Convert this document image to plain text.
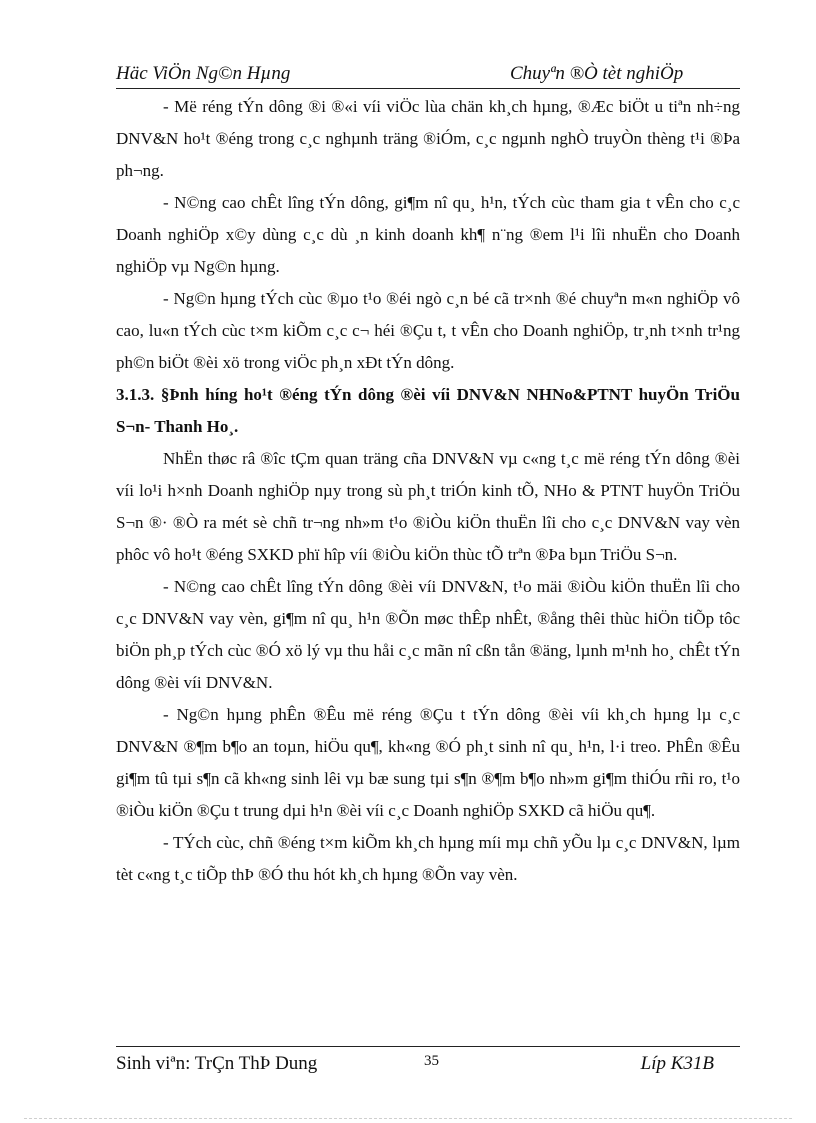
Häc ViÖn Ng©n Hµng	Chuyªn ®Ò tèt nghiÖp

- Më réng tÝn dông ®i ®«i víi viÖc lùa chän kh¸ch hµng, ®Æc biÖt u tiªn nh÷ng DNV&N ho¹t ®éng trong c¸c nghµnh träng ®iÓm, c¸c ngµnh nghÒ truyÒn thèng t¹i ®Þa ph¬ng.

- N©ng cao chÊt lîng tÝn dông, gi¶m nî qu¸ h¹n, tÝch cùc tham gia t vÊn cho c¸c Doanh nghiÖp x©y dùng c¸c dù ¸n kinh doanh kh¶ n¨ng ®em l¹i lîi nhuËn cho Doanh nghiÖp vµ Ng©n hµng.

- Ng©n hµng tÝch cùc ®µo t¹o ®éi ngò c¸n bé cã tr×nh ®é chuyªn m«n nghiÖp vô cao, lu«n tÝch cùc t×m kiÕm c¸c c¬ héi ®Çu t, t vÊn cho Doanh nghiÖp, tr¸nh t×nh tr¹ng ph©n biÖt ®èi xö trong viÖc ph¸n xÐt tÝn dông.

3.1.3. §Þnh híng ho¹t ®éng tÝn dông ®èi víi DNV&N NHNo&PTNT huyÖn TriÖu S¬n- Thanh Ho¸.

NhËn thøc râ ®îc tÇm quan träng cña DNV&N vµ c«ng t¸c më réng tÝn dông ®èi víi lo¹i h×nh Doanh nghiÖp nµy trong sù ph¸t triÓn kinh tÕ, NHo & PTNT huyÖn TriÖu S¬n ®· ®Ò ra mét sè chñ tr¬ng nh»m t¹o ®iÒu kiÖn thuËn lîi cho c¸c DNV&N vay vèn phôc vô ho¹t ®éng SXKD phï hîp víi ®iÒu kiÖn thùc tÕ trªn ®Þa bµn TriÖu S¬n.

- N©ng cao chÊt lîng tÝn dông ®èi víi DNV&N, t¹o mäi ®iÒu kiÖn thuËn lîi cho c¸c DNV&N vay vèn, gi¶m nî qu¸ h¹n ®Õn møc thÊp nhÊt, ®ång thêi thùc hiÖn tiÕp tôc biÖn ph¸p tÝch cùc ®Ó xö lý vµ thu håi c¸c mãn nî cßn tån ®äng, lµnh m¹nh ho¸ chÊt tÝn dông ®èi víi DNV&N.

- Ng©n hµng phÊn ®Êu më réng ®Çu t tÝn dông ®èi víi kh¸ch hµng lµ c¸c DNV&N ®¶m b¶o an toµn, hiÖu qu¶, kh«ng ®Ó ph¸t sinh nî qu¸ h¹n, l·i treo. PhÊn ®Êu gi¶m tû tµi s¶n cã kh«ng sinh lêi vµ bæ sung tµi s¶n ®¶m b¶o nh»m gi¶m thiÓu rñi ro, t¹o ®iÒu kiÖn ®Çu t trung dµi h¹n ®èi víi c¸c Doanh nghiÖp SXKD cã hiÖu qu¶.

- TÝch cùc, chñ ®éng t×m kiÕm kh¸ch hµng míi mµ chñ yÕu lµ c¸c DNV&N, lµm tèt c«ng t¸c tiÕp thÞ ®Ó thu hót kh¸ch hµng ®Õn vay vèn.

Sinh viªn: TrÇn ThÞ Dung	35	Líp K31B
